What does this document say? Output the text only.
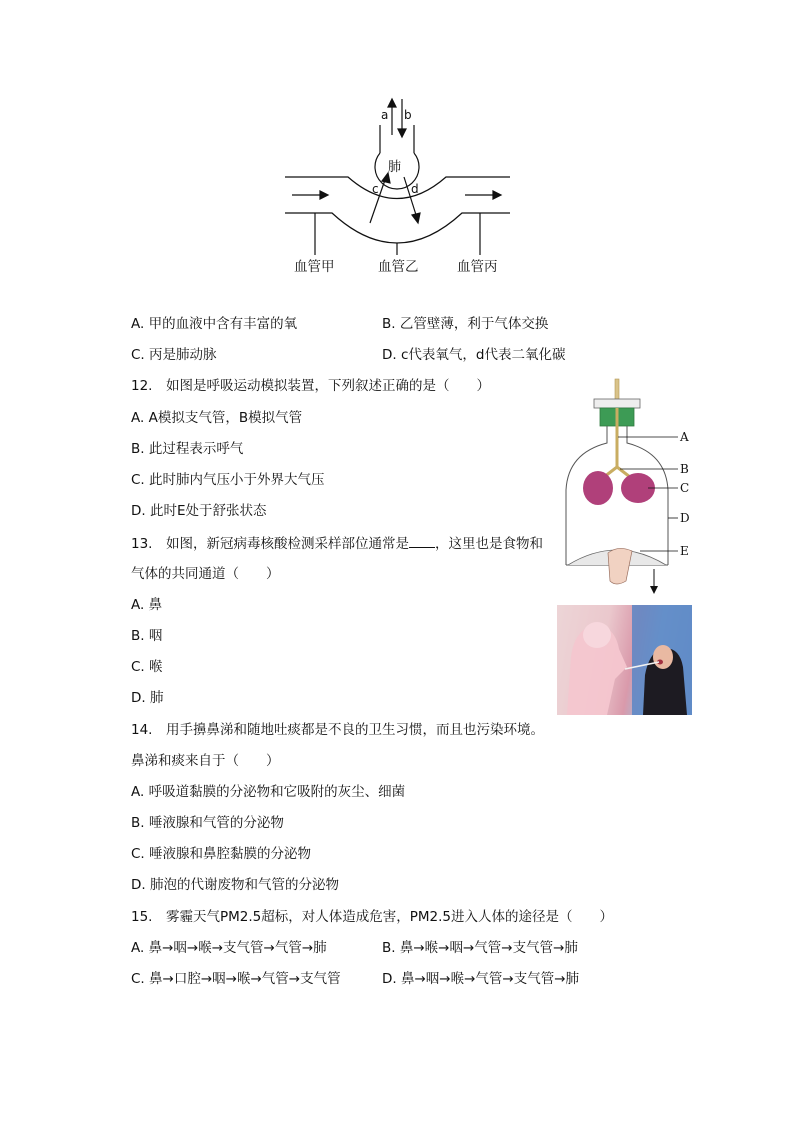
a b
肺
c	d
血管甲	血管乙	血管丙
A. 甲的血液中含有丰富的氧	B. 乙管壁薄，利于气体交换
C. 丙是肺动脉	D. c代表氧气，d代表二氧化碳
12.　如图是呼吸运动模拟装置，下列叙述正确的是（　　）
A. A模拟支气管，B模拟气管
B. 此过程表示呼气
C. 此时肺内气压小于外界大气压
D. 此时E处于舒张状态
A
B
C
D
E
13.　如图，新冠病毒核酸检测采样部位通常是 ，这里也是食物和
气体的共同通道（　　）
A. 鼻
B. 咽
C. 喉
D. 肺
14.　用手擤鼻涕和随地吐痰都是不良的卫生习惯，而且也污染环境。
鼻涕和痰来自于（　　）
A. 呼吸道黏膜的分泌物和它吸附的灰尘、细菌
B. 唾液腺和气管的分泌物
C. 唾液腺和鼻腔黏膜的分泌物
D. 肺泡的代谢废物和气管的分泌物
15.　雾霾天气PM2.5超标，对人体造成危害，PM2.5进入人体的途径是（　　）
A. 鼻→咽→喉→支气管→气管→肺	B. 鼻→喉→咽→气管→支气管→肺
C. 鼻→口腔→咽→喉→气管→支气管	D. 鼻→咽→喉→气管→支气管→肺
